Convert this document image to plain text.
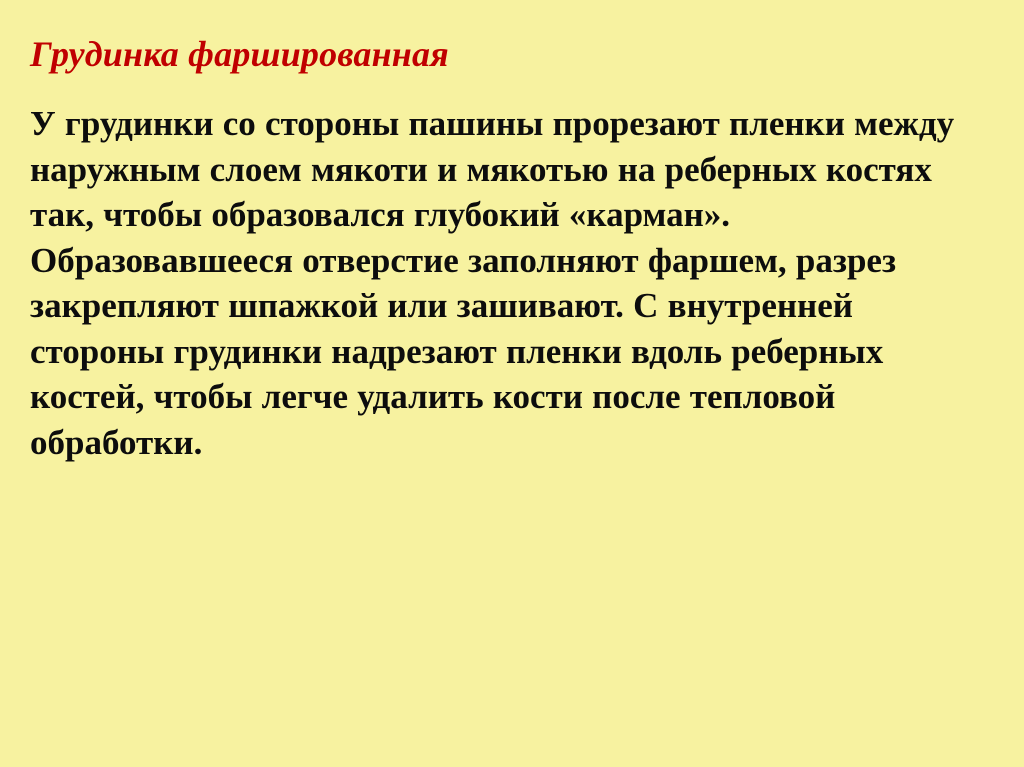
Грудинка фаршированная

У грудинки со стороны пашины прорезают пленки между наружным слоем мякоти и мякотью на реберных костях так, чтобы образовался глубокий «карман». Образовавшееся отверстие заполняют фаршем, разрез закрепляют шпажкой или зашивают. С внутренней стороны грудинки надрезают пленки вдоль реберных костей, чтобы легче удалить кости после тепловой обработки.
